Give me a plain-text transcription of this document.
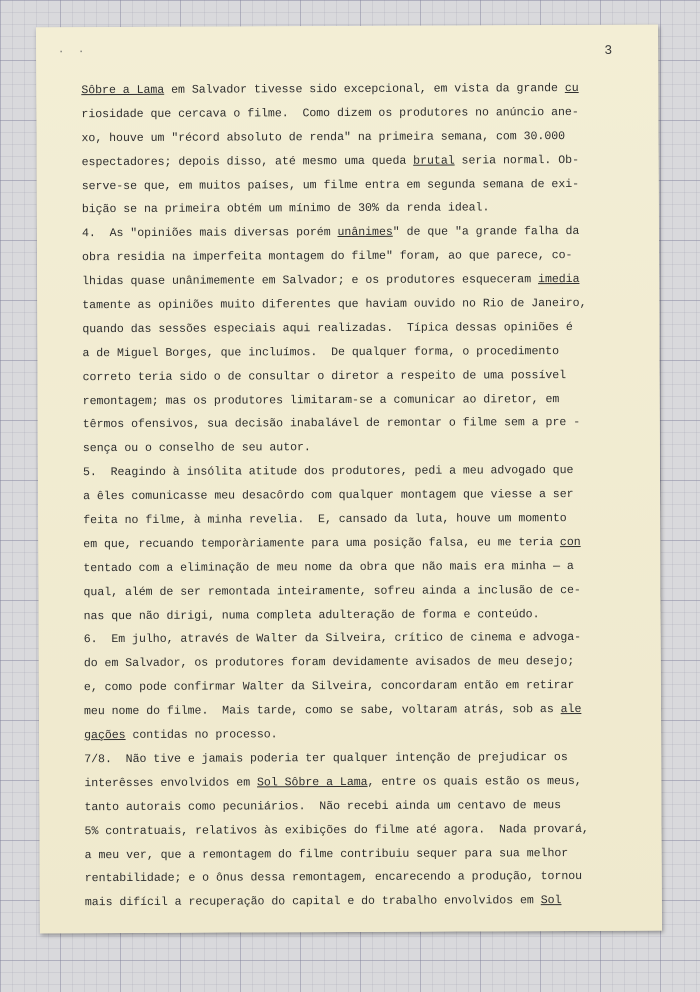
. .	3
Sôbre a Lama em Salvador tivesse sido excepcional, em vista da grande cu
riosidade que cercava o filme.  Como dizem os produtores no anúncio ane-
xo, houve um "récord absoluto de renda" na primeira semana, com 30.000
espectadores; depois disso, até mesmo uma queda brutal seria normal. Ob-
serve-se que, em muitos países, um filme entra em segunda semana de exi-
bição se na primeira obtém um mínimo de 30% da renda ideal.
4.  As "opiniões mais diversas porém unânimes" de que "a grande falha da
obra residia na imperfeita montagem do filme" foram, ao que parece, co-
lhidas quase unânimemente em Salvador; e os produtores esqueceram imedia
tamente as opiniões muito diferentes que haviam ouvido no Rio de Janeiro,
quando das sessões especiais aqui realizadas.  Típica dessas opiniões é
a de Miguel Borges, que incluímos.  De qualquer forma, o procedimento
correto teria sido o de consultar o diretor a respeito de uma possível
remontagem; mas os produtores limitaram-se a comunicar ao diretor, em
têrmos ofensivos, sua decisão inabalável de remontar o filme sem a pre -
sença ou o conselho de seu autor.
5.  Reagindo à insólita atitude dos produtores, pedi a meu advogado que
a êles comunicasse meu desacôrdo com qualquer montagem que viesse a ser
feita no filme, à minha revelia.  E, cansado da luta, houve um momento
em que, recuando temporàriamente para uma posição falsa, eu me teria con
tentado com a eliminação de meu nome da obra que não mais era minha — a
qual, além de ser remontada inteiramente, sofreu ainda a inclusão de ce-
nas que não dirigi, numa completa adulteração de forma e conteúdo.
6.  Em julho, através de Walter da Silveira, crítico de cinema e advoga-
do em Salvador, os produtores foram devidamente avisados de meu desejo;
e, como pode confirmar Walter da Silveira, concordaram então em retirar
meu nome do filme.  Mais tarde, como se sabe, voltaram atrás, sob as ale
gações contidas no processo.
7/8.  Não tive e jamais poderia ter qualquer intenção de prejudicar os
interêsses envolvidos em Sol Sôbre a Lama, entre os quais estão os meus,
tanto autorais como pecuniários.  Não recebi ainda um centavo de meus
5% contratuais, relativos às exibições do filme até agora.  Nada provará,
a meu ver, que a remontagem do filme contribuiu sequer para sua melhor
rentabilidade; e o ônus dessa remontagem, encarecendo a produção, tornou
mais difícil a recuperação do capital e do trabalho envolvidos em Sol
